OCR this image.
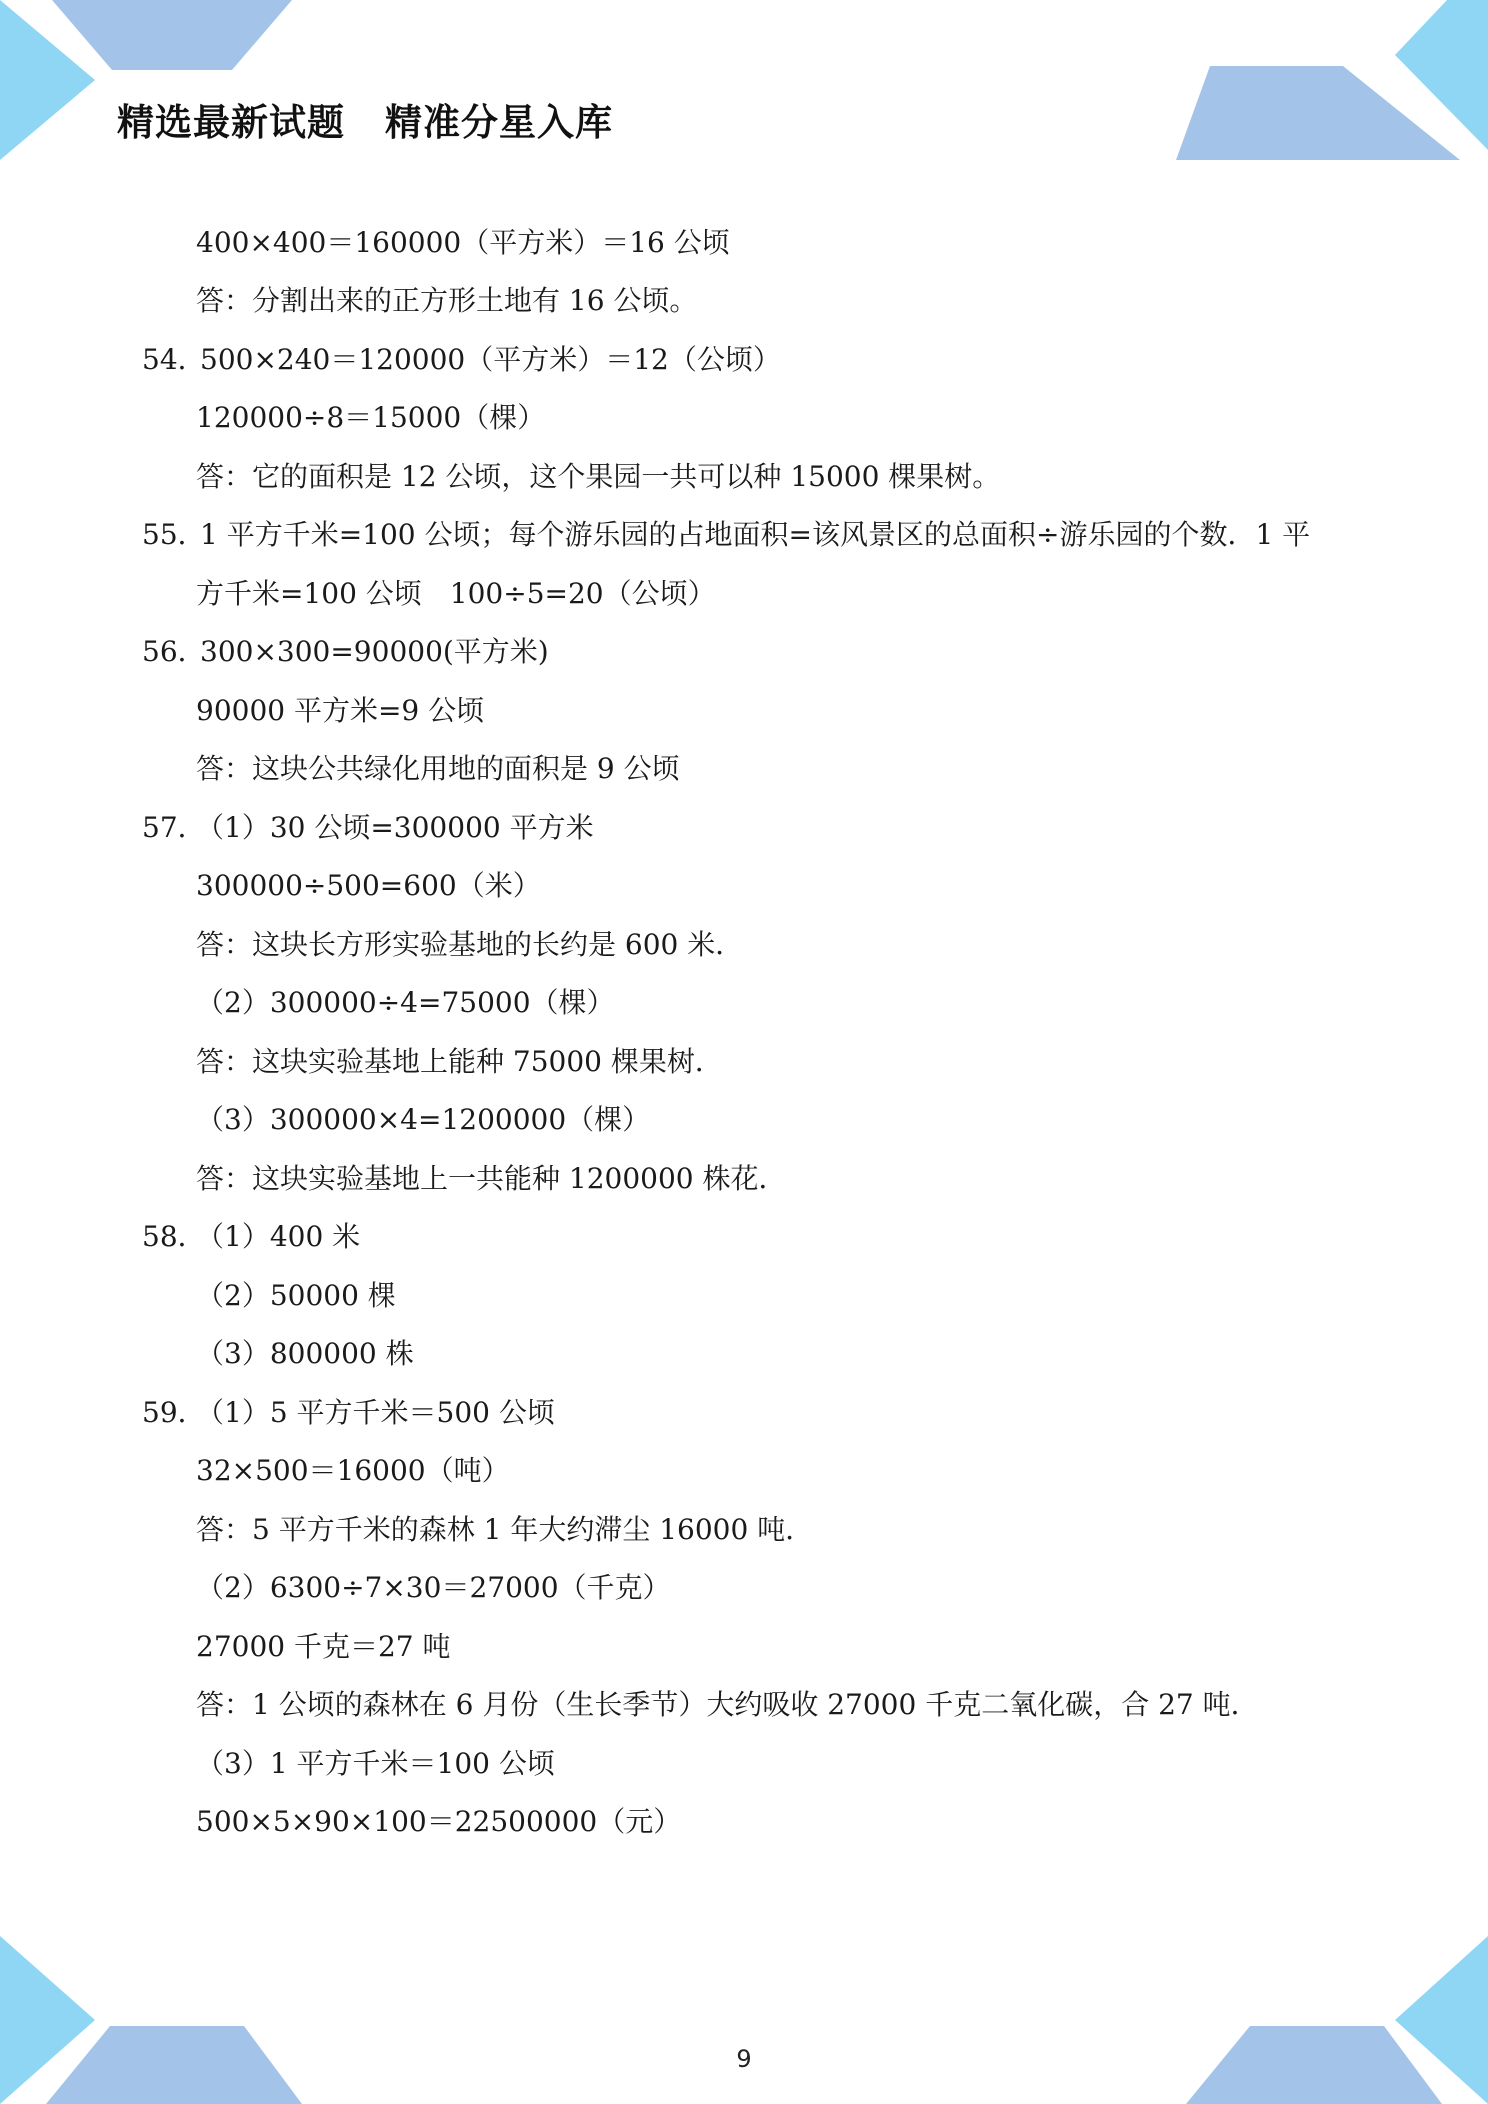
精选最新试题 精准分星入库
400×400＝160000（平方米）＝16 公顷
答：分割出来的正方形土地有 16 公顷。
54．500×240＝120000（平方米）＝12（公顷）
120000÷8＝15000（棵）
答：它的面积是 12 公顷，这个果园一共可以种 15000 棵果树。
55．1 平方千米=100 公顷；每个游乐园的占地面积=该风景区的总面积÷游乐园的个数．1 平
方千米=100 公顷　100÷5=20（公顷）
56．300×300=90000(平方米)
90000 平方米=9 公顷
答：这块公共绿化用地的面积是 9 公顷
57．（1）30 公顷=300000 平方米
300000÷500=600（米）
答：这块长方形实验基地的长约是 600 米．
（2）300000÷4=75000（棵）
答：这块实验基地上能种 75000 棵果树．
（3）300000×4=1200000（棵）
答：这块实验基地上一共能种 1200000 株花．
58．（1）400 米
（2）50000 棵
（3）800000 株
59．（1）5 平方千米＝500 公顷
32×500＝16000（吨）
答：5 平方千米的森林 1 年大约滞尘 16000 吨．
（2）6300÷7×30＝27000（千克）
27000 千克＝27 吨
答：1 公顷的森林在 6 月份（生长季节）大约吸收 27000 千克二氧化碳，合 27 吨．
（3）1 平方千米＝100 公顷
500×5×90×100＝22500000（元）
9
